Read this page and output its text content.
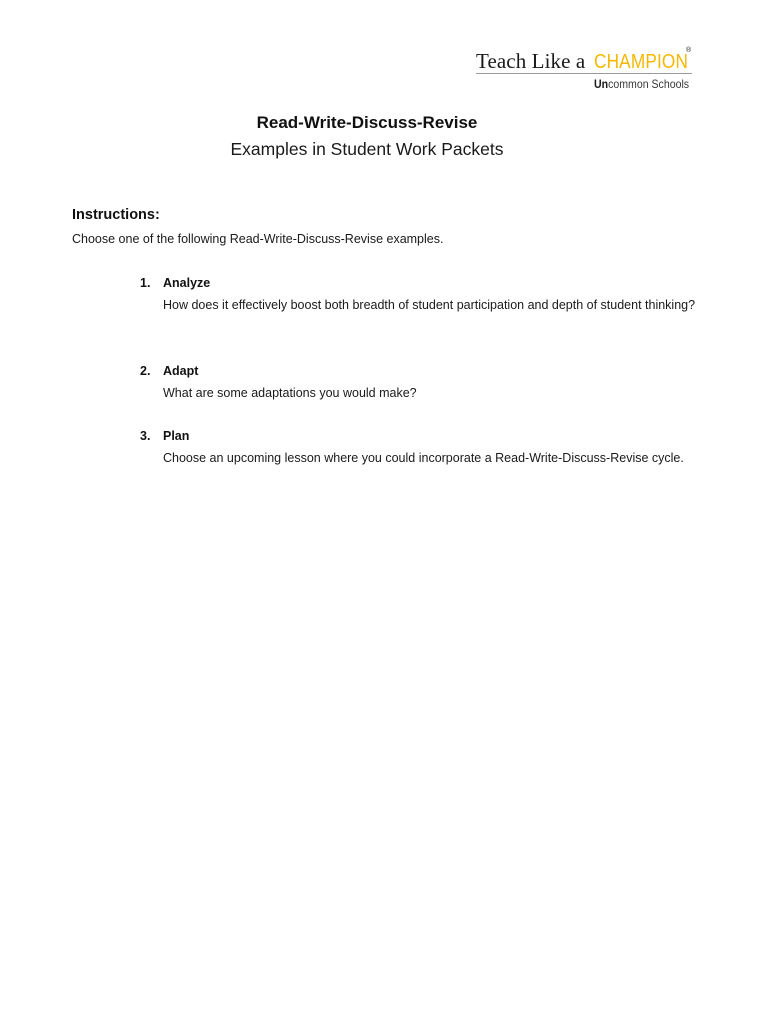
Teach Like a CHAMPION
®
Uncommon Schools
Read-Write-Discuss-Revise
Examples in Student Work Packets
Instructions:
Choose one of the following Read-Write-Discuss-Revise examples.
1. Analyze
How does it effectively boost both breadth of student participation and depth of student thinking?
2. Adapt
What are some adaptations you would make?
3. Plan
Choose an upcoming lesson where you could incorporate a Read-Write-Discuss-Revise cycle.
